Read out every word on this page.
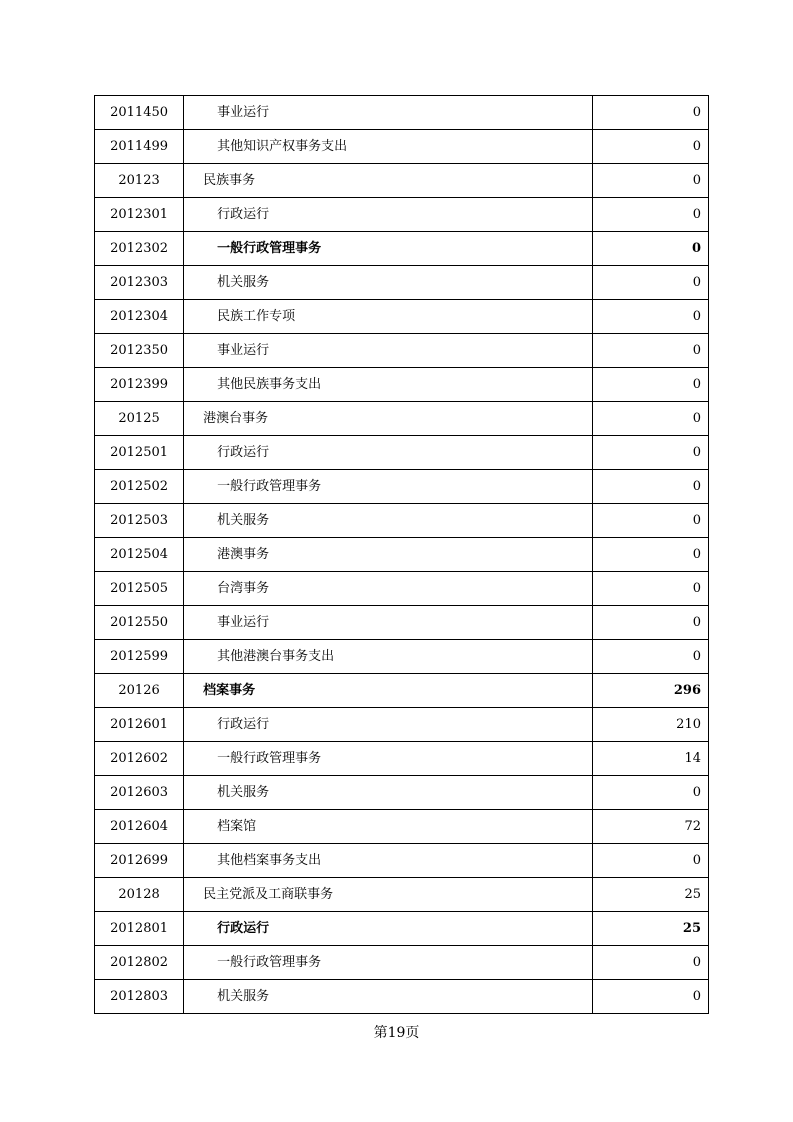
2011450	事业运行	0
2011499	其他知识产权事务支出	0
20123	民族事务	0
2012301	行政运行	0
2012302	一般行政管理事务	0
2012303	机关服务	0
2012304	民族工作专项	0
2012350	事业运行	0
2012399	其他民族事务支出	0
20125	港澳台事务	0
2012501	行政运行	0
2012502	一般行政管理事务	0
2012503	机关服务	0
2012504	港澳事务	0
2012505	台湾事务	0
2012550	事业运行	0
2012599	其他港澳台事务支出	0
20126	档案事务	296
2012601	行政运行	210
2012602	一般行政管理事务	14
2012603	机关服务	0
2012604	档案馆	72
2012699	其他档案事务支出	0
20128	民主党派及工商联事务	25
2012801	行政运行	25
2012802	一般行政管理事务	0
2012803	机关服务	0
第19页
